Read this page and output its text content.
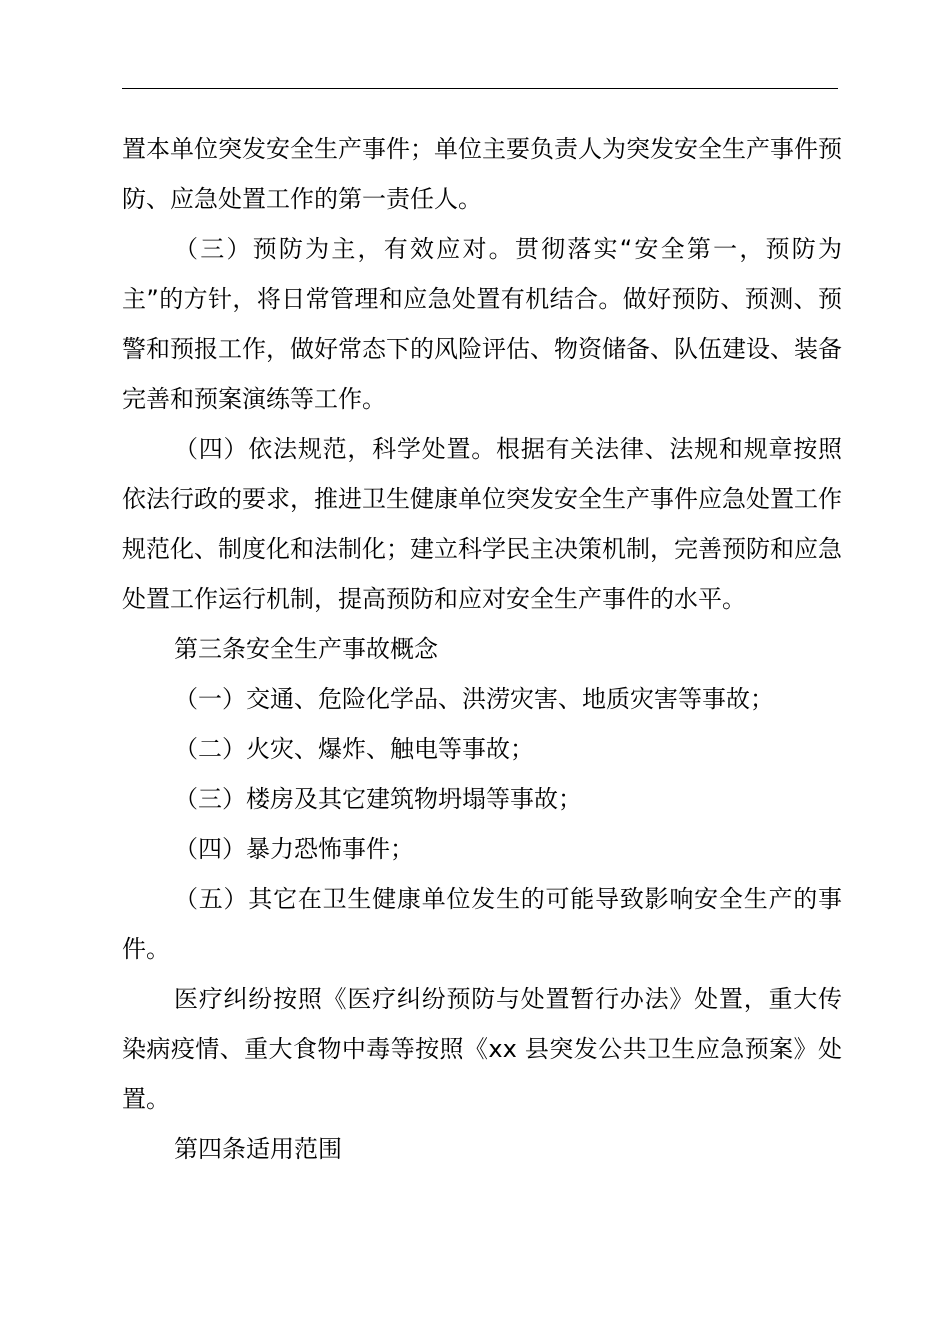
置本单位突发安全生产事件；单位主要负责人为突发安全生产事件预防、应急处置工作的第一责任人。

（三）预防为主，有效应对。贯彻落实“安全第一，预防为主”的方针，将日常管理和应急处置有机结合。做好预防、预测、预警和预报工作，做好常态下的风险评估、物资储备、队伍建设、装备完善和预案演练等工作。

（四）依法规范，科学处置。根据有关法律、法规和规章按照依法行政的要求，推进卫生健康单位突发安全生产事件应急处置工作规范化、制度化和法制化；建立科学民主决策机制，完善预防和应急处置工作运行机制，提高预防和应对安全生产事件的水平。

第三条安全生产事故概念

（一）交通、危险化学品、洪涝灾害、地质灾害等事故；

（二）火灾、爆炸、触电等事故；

（三）楼房及其它建筑物坍塌等事故；

（四）暴力恐怖事件；

（五）其它在卫生健康单位发生的可能导致影响安全生产的事件。

医疗纠纷按照《医疗纠纷预防与处置暂行办法》处置，重大传染病疫情、重大食物中毒等按照《xx 县突发公共卫生应急预案》处置。

第四条适用范围
